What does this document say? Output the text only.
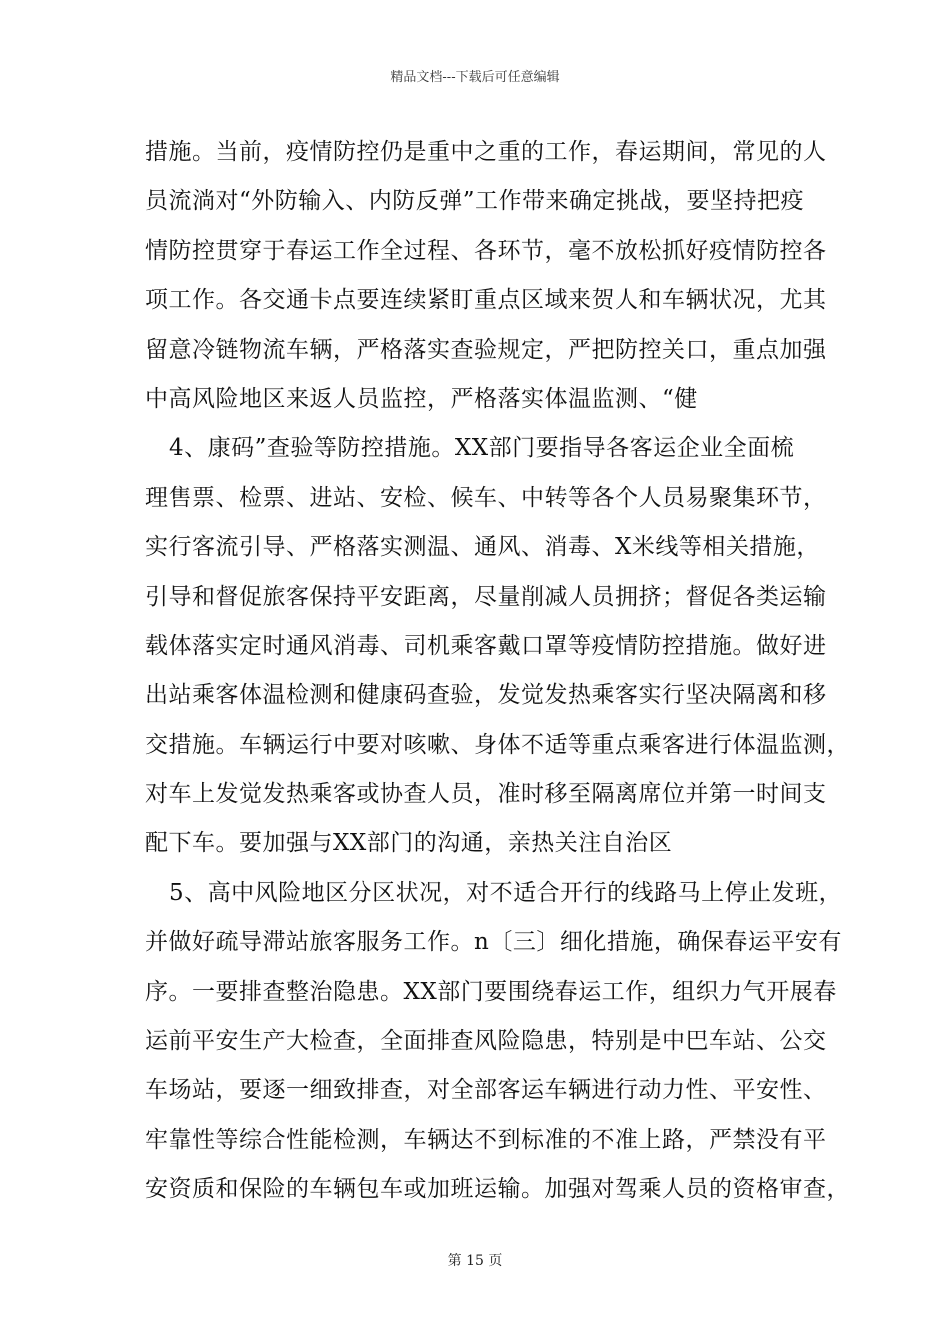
精品文档---下载后可任意编辑
措施。当前，疫情防控仍是重中之重的工作，春运期间，常见的人
员流淌对“外防输入、内防反弹”工作带来确定挑战，要坚持把疫
情防控贯穿于春运工作全过程、各环节，毫不放松抓好疫情防控各
项工作。各交通卡点要连续紧盯重点区域来贺人和车辆状况，尤其
留意冷链物流车辆，严格落实查验规定，严把防控关口，重点加强
中高风险地区来返人员监控，严格落实体温监测、“健
4、康码”查验等防控措施。XX部门要指导各客运企业全面梳
理售票、检票、进站、安检、候车、中转等各个人员易聚集环节，
实行客流引导、严格落实测温、通风、消毒、X米线等相关措施，
引导和督促旅客保持平安距离，尽量削减人员拥挤；督促各类运输
载体落实定时通风消毒、司机乘客戴口罩等疫情防控措施。做好进
出站乘客体温检测和健康码查验，发觉发热乘客实行坚决隔离和移
交措施。车辆运行中要对咳嗽、身体不适等重点乘客进行体温监测，
对车上发觉发热乘客或协查人员，准时移至隔离席位并第一时间支
配下车。要加强与XX部门的沟通，亲热关注自治区
5、高中风险地区分区状况，对不适合开行的线路马上停止发班，
并做好疏导滞站旅客服务工作。n〔三〕细化措施，确保春运平安有
序。一要排查整治隐患。XX部门要围绕春运工作，组织力气开展春
运前平安生产大检查，全面排查风险隐患，特别是中巴车站、公交
车场站，要逐一细致排查，对全部客运车辆进行动力性、平安性、
牢靠性等综合性能检测，车辆达不到标准的不准上路，严禁没有平
安资质和保险的车辆包车或加班运输。加强对驾乘人员的资格审查，
第 15 页
